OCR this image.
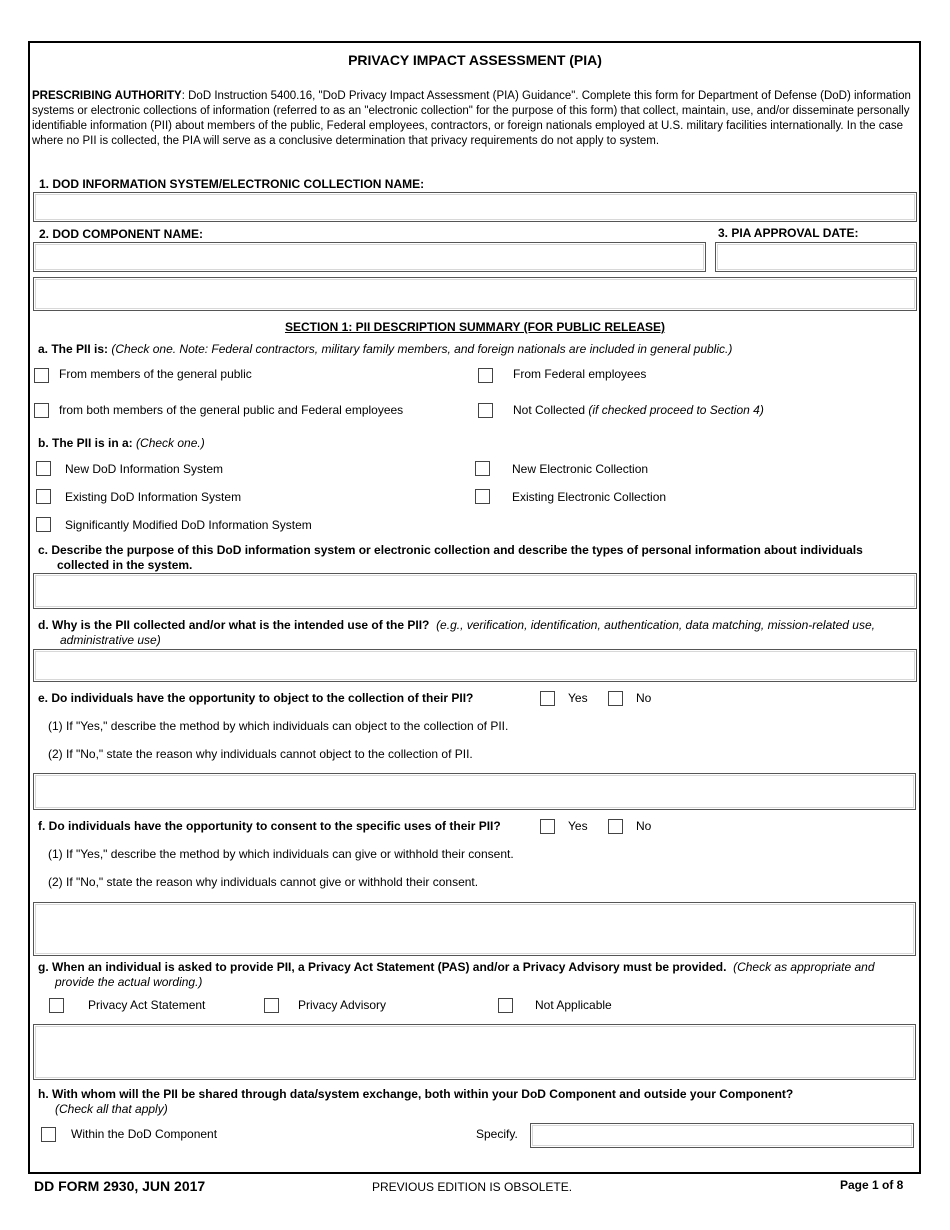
PRIVACY IMPACT ASSESSMENT (PIA)
PRESCRIBING AUTHORITY: DoD Instruction 5400.16, "DoD Privacy Impact Assessment (PIA) Guidance". Complete this form for Department of Defense (DoD) information systems or electronic collections of information (referred to as an "electronic collection" for the purpose of this form) that collect, maintain, use, and/or disseminate personally identifiable information (PII) about members of the public, Federal employees, contractors, or foreign nationals employed at U.S. military facilities internationally. In the case where no PII is collected, the PIA will serve as a conclusive determination that privacy requirements do not apply to system.
1. DOD INFORMATION SYSTEM/ELECTRONIC COLLECTION NAME:
2. DOD COMPONENT NAME:	3. PIA APPROVAL DATE:
SECTION 1: PII DESCRIPTION SUMMARY (FOR PUBLIC RELEASE)
a. The PII is: (Check one. Note: Federal contractors, military family members, and foreign nationals are included in general public.)
From members of the general public	From Federal employees
from both members of the general public and Federal employees	Not Collected (if checked proceed to Section 4)
b. The PII is in a: (Check one.)
New DoD Information System	New Electronic Collection
Existing DoD Information System	Existing Electronic Collection
Significantly Modified DoD Information System
c. Describe the purpose of this DoD information system or electronic collection and describe the types of personal information about individuals
collected in the system.
d. Why is the PII collected and/or what is the intended use of the PII? (e.g., verification, identification, authentication, data matching, mission-related use,
administrative use)
e. Do individuals have the opportunity to object to the collection of their PII?	Yes	No
(1) If "Yes," describe the method by which individuals can object to the collection of PII.
(2) If "No," state the reason why individuals cannot object to the collection of PII.
f. Do individuals have the opportunity to consent to the specific uses of their PII?	Yes	No
(1) If "Yes," describe the method by which individuals can give or withhold their consent.
(2) If "No," state the reason why individuals cannot give or withhold their consent.
g. When an individual is asked to provide PII, a Privacy Act Statement (PAS) and/or a Privacy Advisory must be provided. (Check as appropriate and
provide the actual wording.)
Privacy Act Statement	Privacy Advisory	Not Applicable
h. With whom will the PII be shared through data/system exchange, both within your DoD Component and outside your Component?
(Check all that apply)
Within the DoD Component	Specify.
DD FORM 2930, JUN 2017	PREVIOUS EDITION IS OBSOLETE.	Page 1 of 8
